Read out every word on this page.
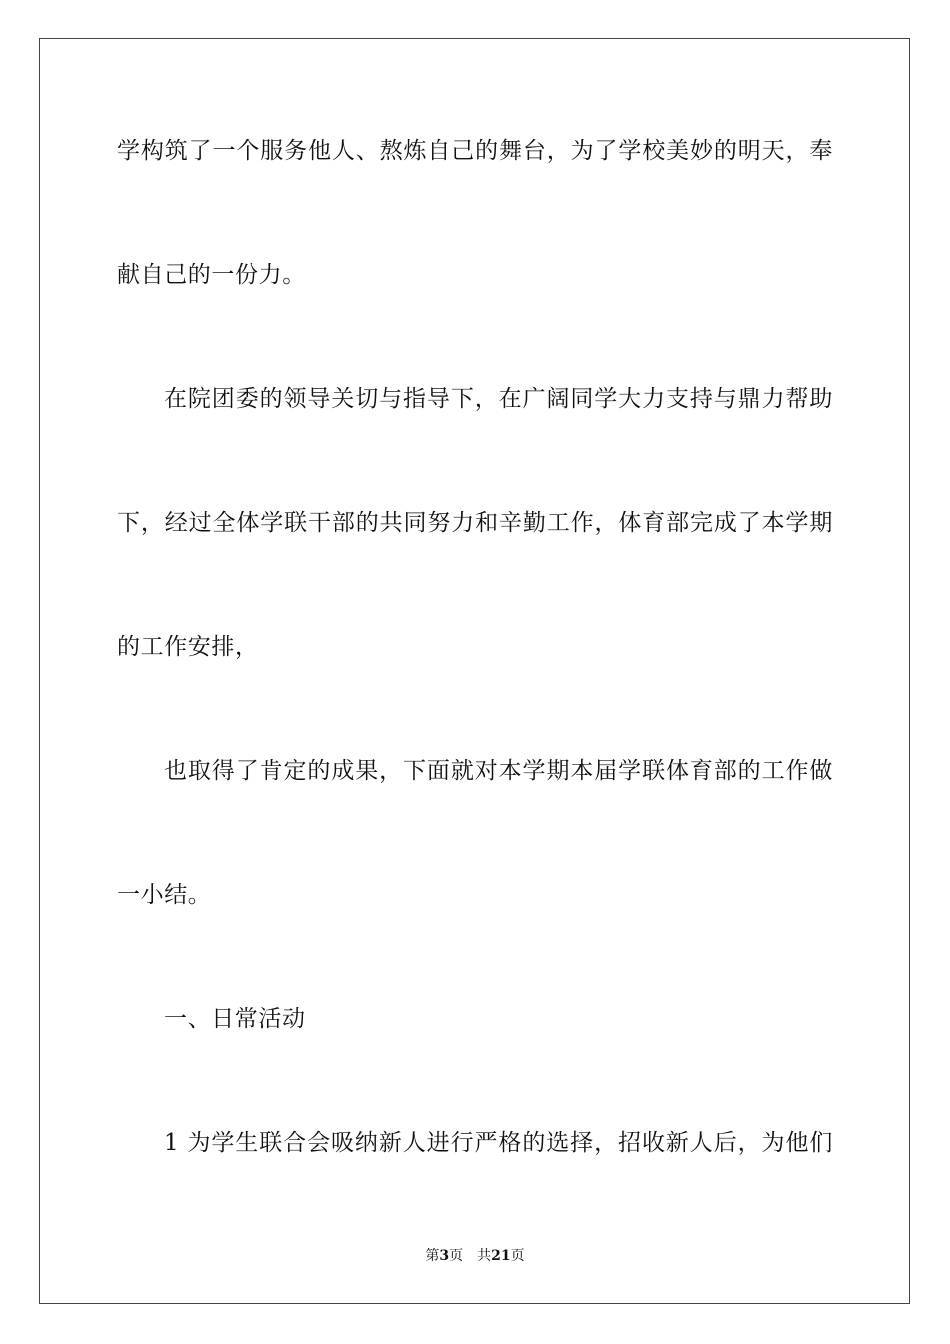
学构筑了一个服务他人、熬炼自己的舞台，为了学校美妙的明天，奉
献自己的一份力。
在院团委的领导关切与指导下，在广阔同学大力支持与鼎力帮助
下，经过全体学联干部的共同努力和辛勤工作，体育部完成了本学期
的工作安排，
也取得了肯定的成果，下面就对本学期本届学联体育部的工作做
一小结。
一、日常活动
1 为学生联合会吸纳新人进行严格的选择，招收新人后，为他们
第3页 共21页
